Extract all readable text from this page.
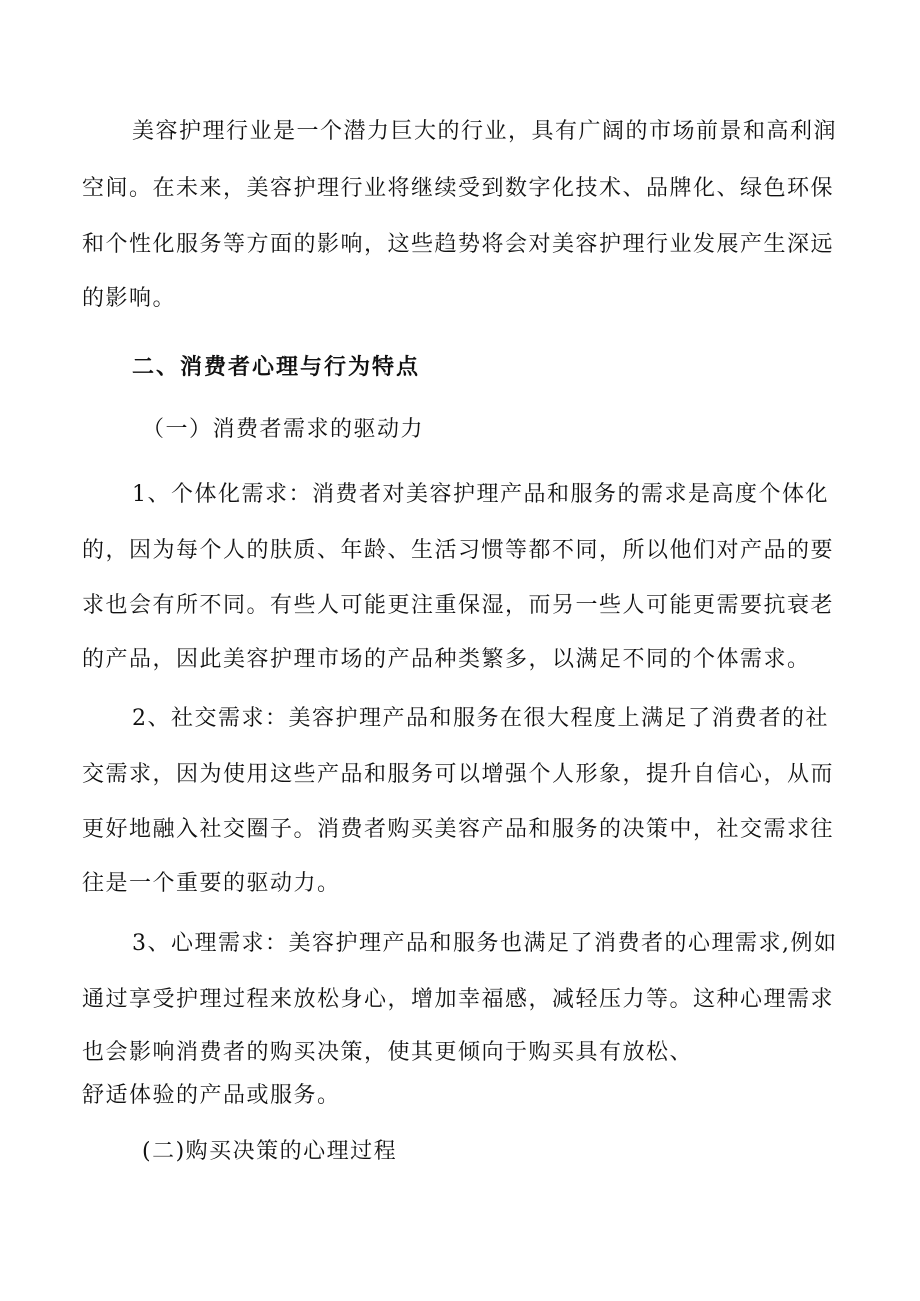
美容护理行业是一个潜力巨大的行业，具有广阔的市场前景和高利润
空间。在未来，美容护理行业将继续受到数字化技术、品牌化、绿色环保
和个性化服务等方面的影响，这些趋势将会对美容护理行业发展产生深远
的影响。
二、消费者心理与行为特点
（一）消费者需求的驱动力
1、个体化需求：消费者对美容护理产品和服务的需求是高度个体化
的，因为每个人的肤质、年龄、生活习惯等都不同，所以他们对产品的要
求也会有所不同。有些人可能更注重保湿，而另一些人可能更需要抗衰老
的产品，因此美容护理市场的产品种类繁多，以满足不同的个体需求。
2、社交需求：美容护理产品和服务在很大程度上满足了消费者的社
交需求，因为使用这些产品和服务可以增强个人形象，提升自信心，从而
更好地融入社交圈子。消费者购买美容产品和服务的决策中，社交需求往
往是一个重要的驱动力。
3、心理需求：美容护理产品和服务也满足了消费者的心理需求,例如
通过享受护理过程来放松身心，增加幸福感，减轻压力等。这种心理需求
也会影响消费者的购买决策，使其更倾向于购买具有放松、
舒适体验的产品或服务。
(二)购买决策的心理过程
